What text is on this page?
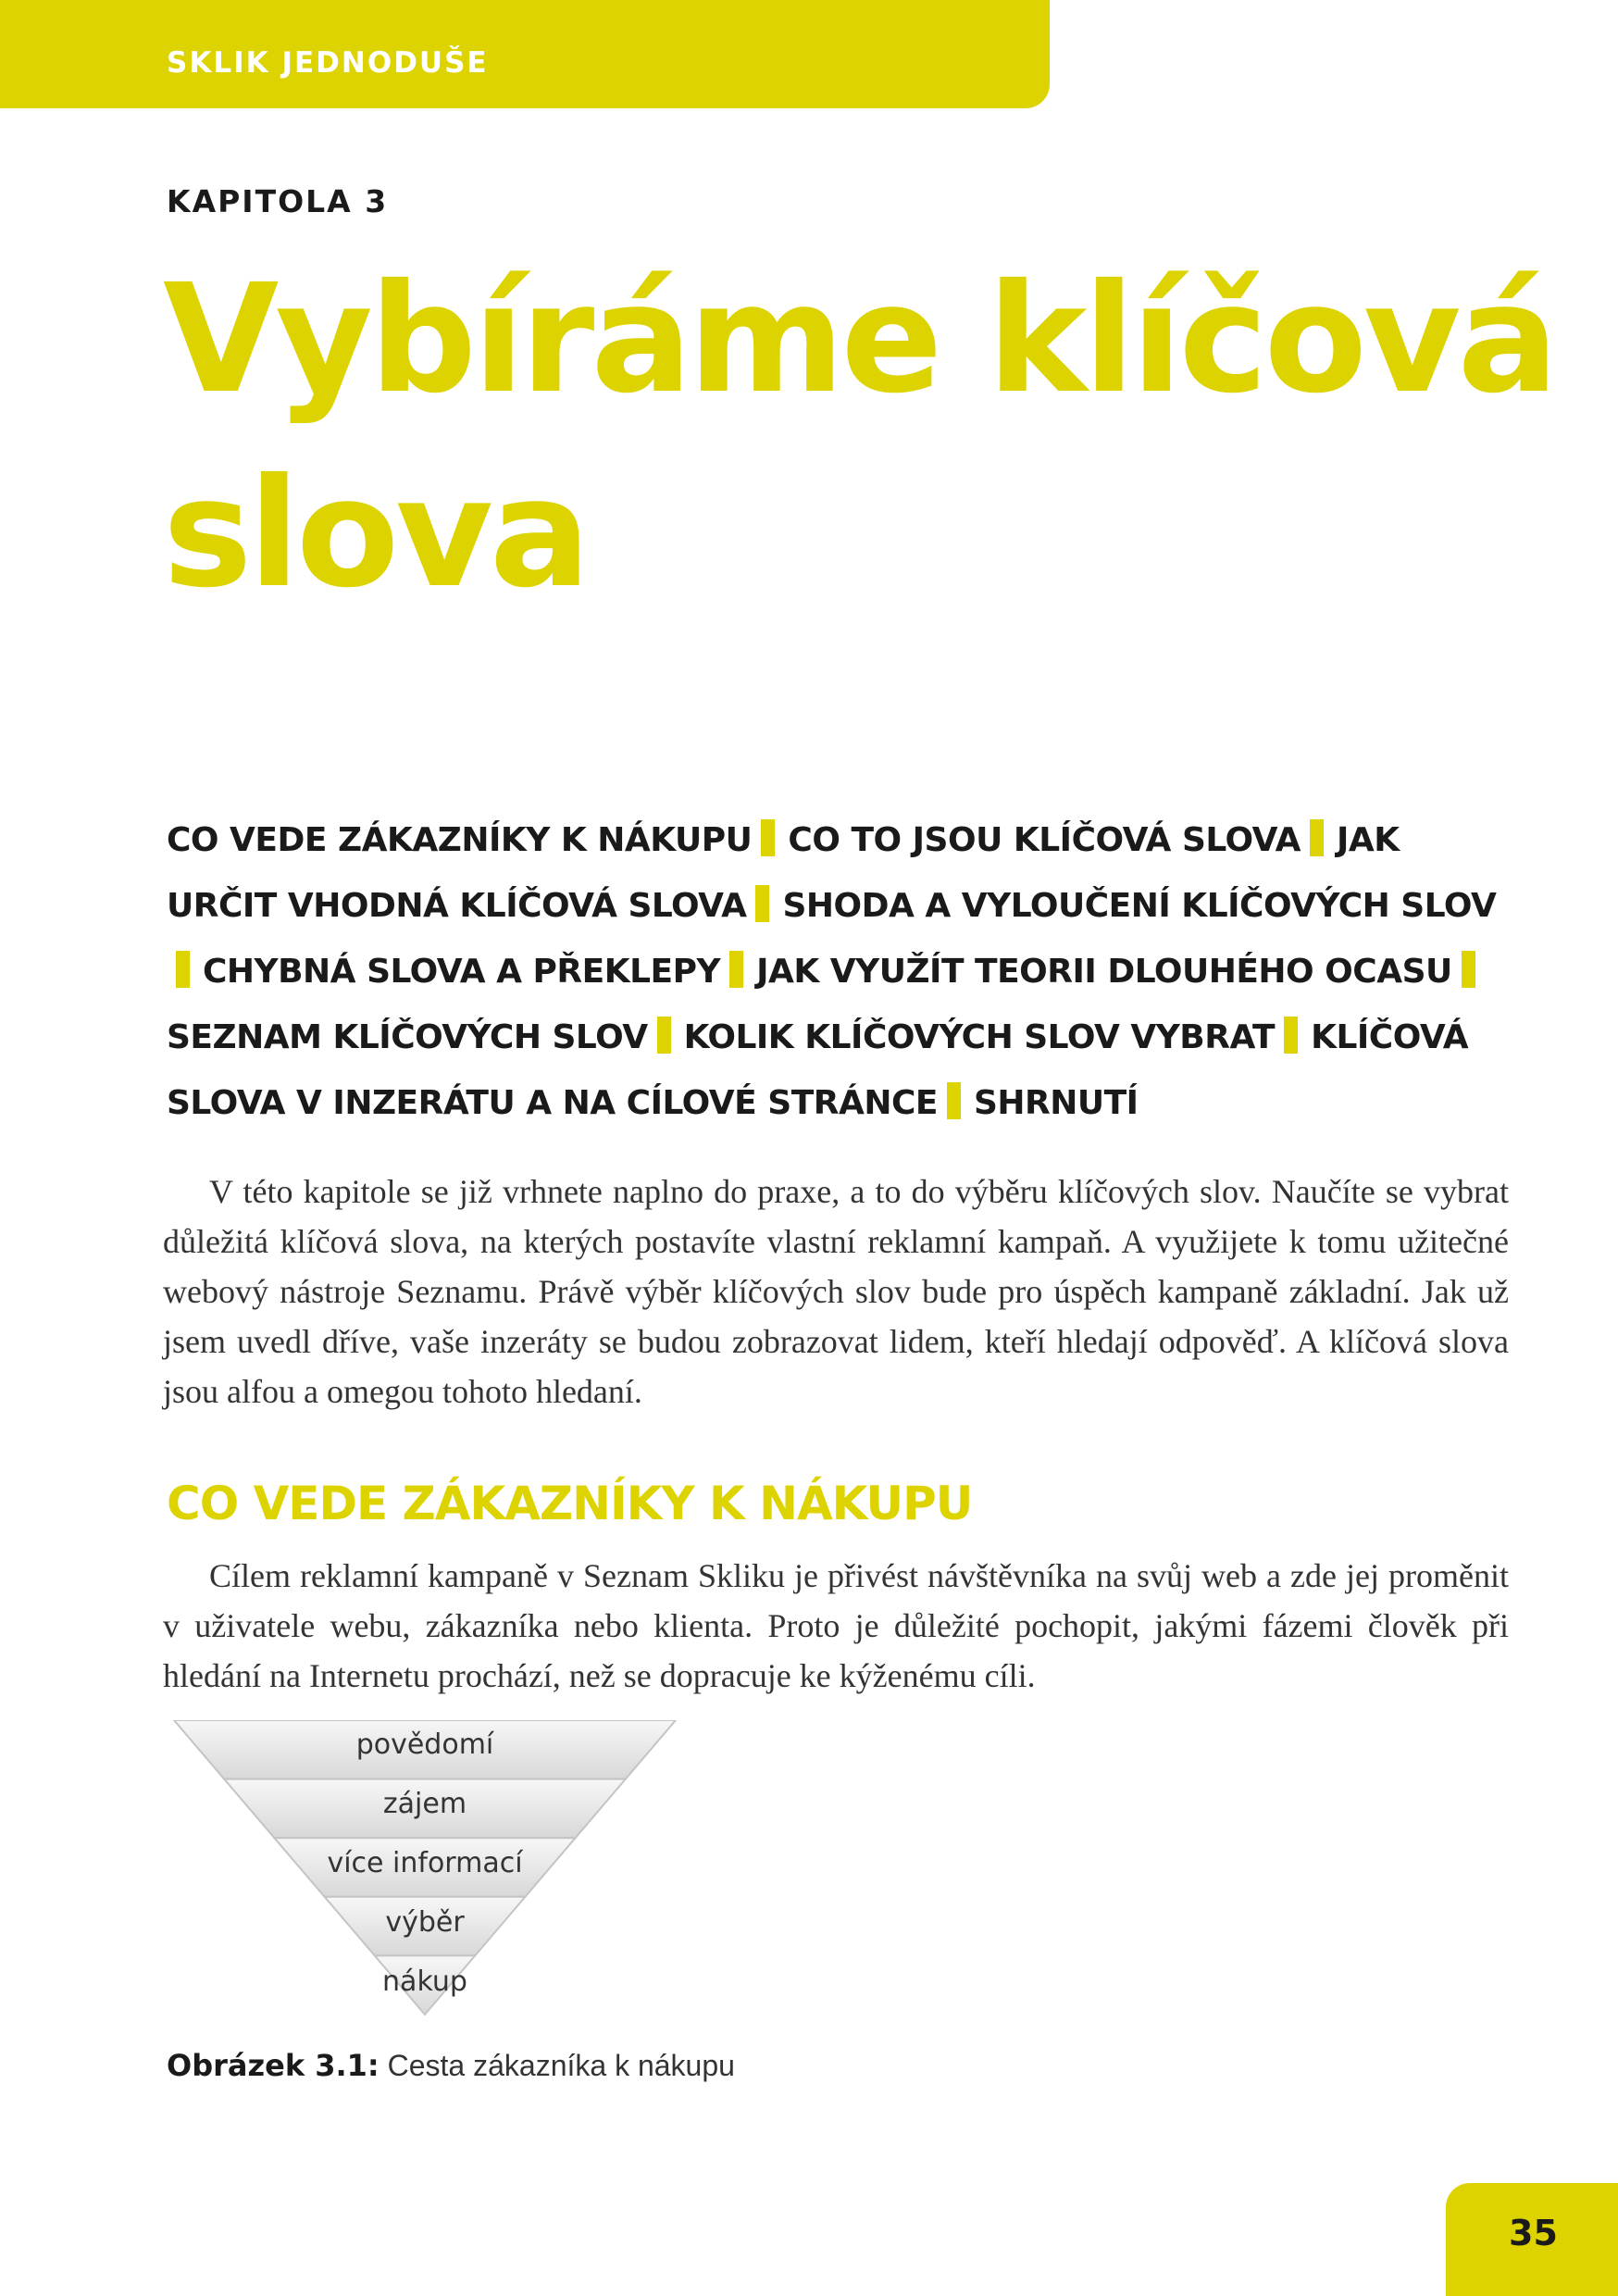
SKLIK JEDNODUŠE
KAPITOLA 3
Vybíráme klíčová
slova

CO VEDE ZÁKAZNÍKY K NÁKUPU CO TO JSOU KLÍČOVÁ SLOVA JAK URČIT VHODNÁ KLÍČOVÁ SLOVA SHODA A VYLOUČENÍ KLÍČOVÝCH SLOVCHYBNÁ SLOVA A PŘEKLEPY JAK VYUŽÍT TEORII DLOUHÉHO OCASUSEZNAM KLÍČOVÝCH SLOV KOLIK KLÍČOVÝCH SLOV VYBRAT KLÍČOVÁ SLOVA V INZERÁTU A NA CÍLOVÉ STRÁNCE SHRNUTÍ

V této kapitole se již vrhnete naplno do praxe, a to do výběru klíčových slov. Naučíte se vybrat důležitá klíčová slova, na kterých postavíte vlastní reklamní kampaň. A využijete k tomu užitečné webový nástroje Seznamu. Právě výběr klíčových slov bude pro úspěch kampaně základní. Jak už jsem uvedl dříve, vaše inzeráty se budou zobrazovat lidem, kteří hledají odpověď. A klíčová slova jsou alfou a omegou tohoto hledaní.

CO VEDE ZÁKAZNÍKY K NÁKUPU

Cílem reklamní kampaně v Seznam Skliku je přivést návštěvníka na svůj web a zde jej proměnit v uživatele webu, zákazníka nebo klienta. Proto je důležité pochopit, jakými fázemi člověk při hledání na Internetu prochází, než se dopracuje ke kýženému cíli.

povědomí
zájem
více informací
výběr
nákup
Obrázek 3.1: Cesta zákazníka k nákupu
35
